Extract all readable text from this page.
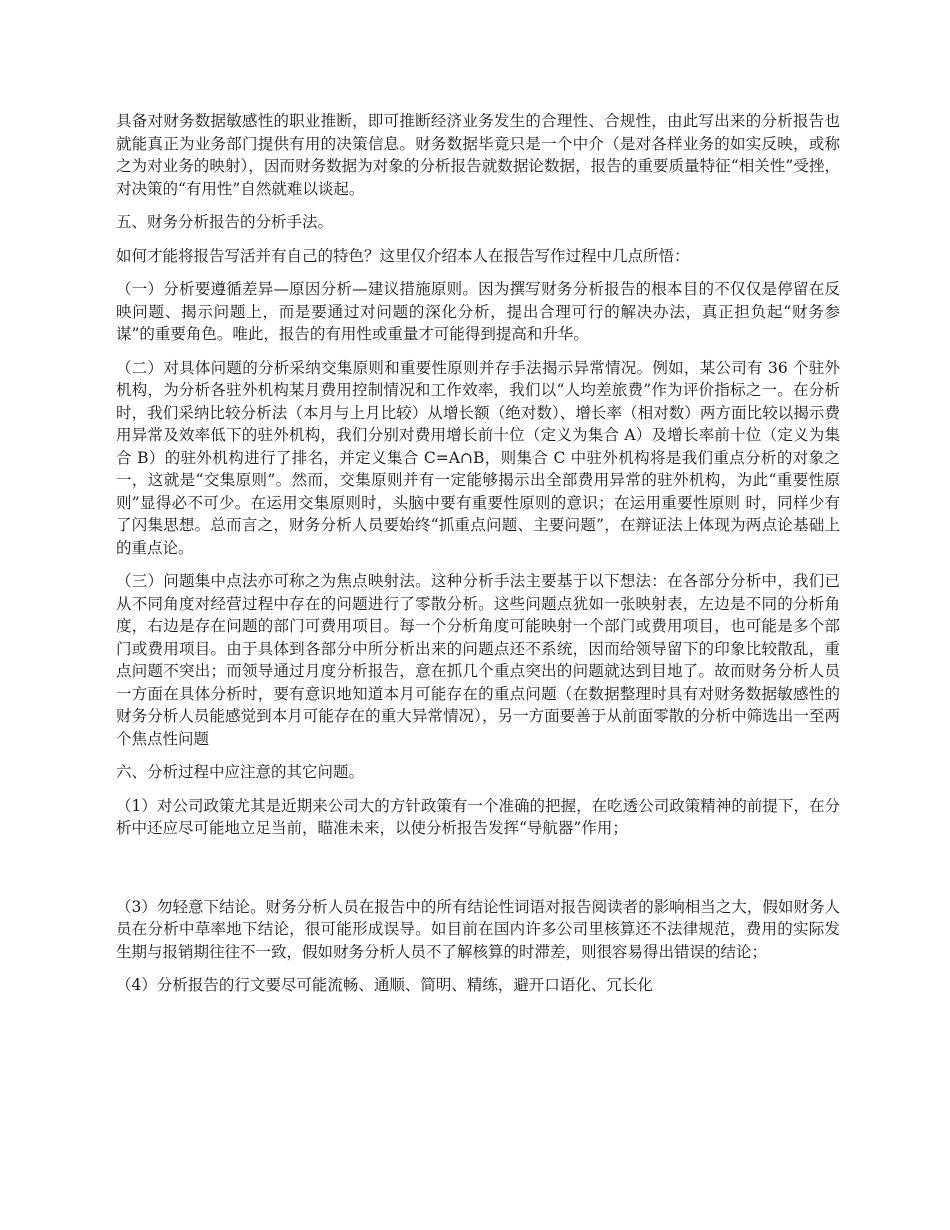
具备对财务数据敏感性的职业推断，即可推断经济业务发生的合理性、合规性，由此写出来的分析报告也就能真正为业务部门提供有用的决策信息。财务数据毕竟只是一个中介（是对各样业务的如实反映，或称之为对业务的映射），因而财务数据为对象的分析报告就数据论数据，报告的重要质量特征“相关性”受挫，对决策的“有用性”自然就难以谈起。

五、财务分析报告的分析手法。

如何才能将报告写活并有自己的特色？这里仅介绍本人在报告写作过程中几点所悟：

（一）分析要遵循差异—原因分析—建议措施原则。因为撰写财务分析报告的根本目的不仅仅是停留在反映问题、揭示问题上，而是要通过对问题的深化分析，提出合理可行的解决办法，真正担负起“财务参谋”的重要角色。唯此，报告的有用性或重量才可能得到提高和升华。

（二）对具体问题的分析采纳交集原则和重要性原则并存手法揭示异常情况。例如，某公司有 36 个驻外机构，为分析各驻外机构某月费用控制情况和工作效率，我们以“人均差旅费”作为评价指标之一。在分析时，我们采纳比较分析法（本月与上月比较）从增长额（绝对数）、增长率（相对数）两方面比较以揭示费用异常及效率低下的驻外机构，我们分别对费用增长前十位（定义为集合 A）及增长率前十位（定义为集合 B）的驻外机构进行了排名，并定义集合 C=A∩B，则集合 C 中驻外机构将是我们重点分析的对象之一，这就是“交集原则”。然而，交集原则并有一定能够揭示出全部费用异常的驻外机构，为此“重要性原则”显得必不可少。在运用交集原则时，头脑中要有重要性原则的意识；在运用重要性原则 时，同样少有了闪集思想。总而言之，财务分析人员要始终“抓重点问题、主要问题”，在辩证法上体现为两点论基础上的重点论。

（三）问题集中点法亦可称之为焦点映射法。这种分析手法主要基于以下想法：在各部分分析中，我们已从不同角度对经营过程中存在的问题进行了零散分析。这些问题点犹如一张映射表，左边是不同的分析角度，右边是存在问题的部门可费用项目。每一个分析角度可能映射一个部门或费用项目，也可能是多个部门或费用项目。由于具体到各部分中所分析出来的问题点还不系统，因而给领导留下的印象比较散乱，重点问题不突出；而领导通过月度分析报告，意在抓几个重点突出的问题就达到目地了。故而财务分析人员一方面在具体分析时，要有意识地知道本月可能存在的重点问题（在数据整理时具有对财务数据敏感性的财务分析人员能感觉到本月可能存在的重大异常情况），另一方面要善于从前面零散的分析中筛选出一至两个焦点性问题

六、分析过程中应注意的其它问题。

（1）对公司政策尤其是近期来公司大的方针政策有一个准确的把握，在吃透公司政策精神的前提下，在分析中还应尽可能地立足当前，瞄准未来，以使分析报告发挥“导航器”作用；

（3）勿轻意下结论。财务分析人员在报告中的所有结论性词语对报告阅读者的影响相当之大，假如财务人员在分析中草率地下结论，很可能形成误导。如目前在国内许多公司里核算还不法律规范，费用的实际发生期与报销期往往不一致，假如财务分析人员不了解核算的时滞差，则很容易得出错误的结论；

（4）分析报告的行文要尽可能流畅、通顺、简明、精练，避开口语化、冗长化
